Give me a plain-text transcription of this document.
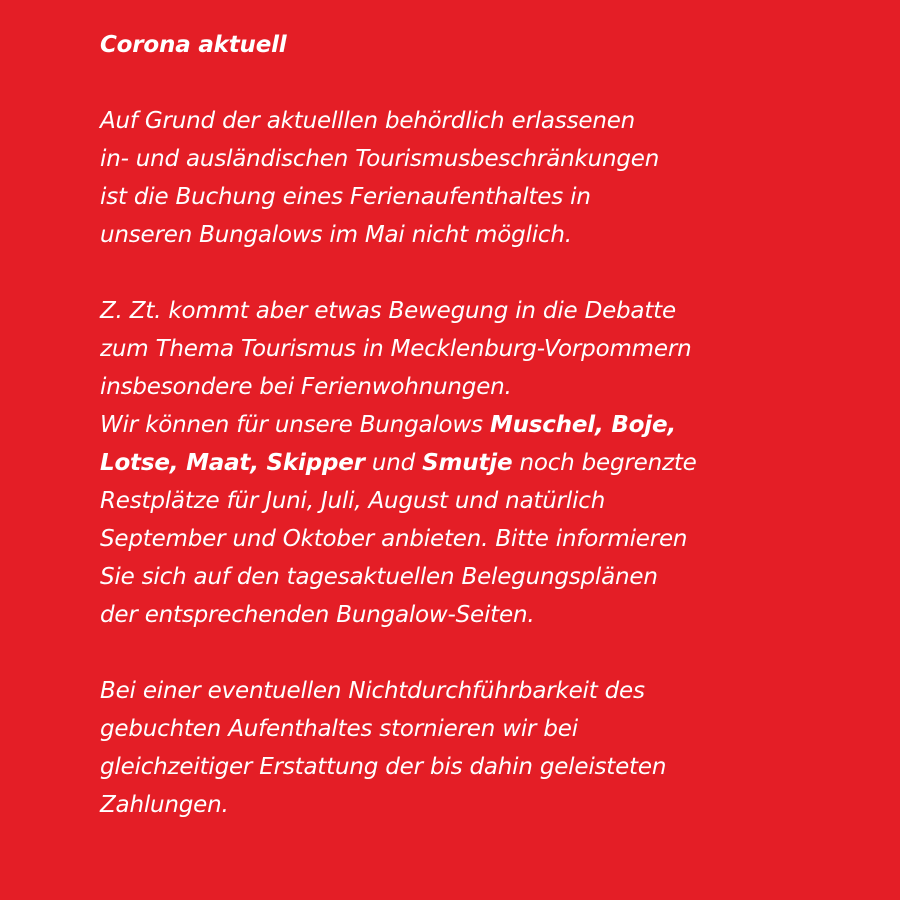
Corona aktuell
Auf Grund der aktuelllen behördlich erlassenen
in- und ausländischen Tourismusbeschränkungen
ist die Buchung eines Ferienaufenthaltes in
unseren Bungalows im Mai nicht möglich.
Z. Zt. kommt aber etwas Bewegung in die Debatte
zum Thema Tourismus in Mecklenburg-Vorpommern
insbesondere bei Ferienwohnungen.
Wir können für unsere Bungalows Muschel, Boje,
Lotse, Maat, Skipper und Smutje noch begrenzte
Restplätze für Juni, Juli, August und natürlich
September und Oktober anbieten. Bitte informieren
Sie sich auf den tagesaktuellen Belegungsplänen
der entsprechenden Bungalow-Seiten.
Bei einer eventuellen Nichtdurchführbarkeit des
gebuchten Aufenthaltes stornieren wir bei
gleichzeitiger Erstattung der bis dahin geleisteten
Zahlungen.
